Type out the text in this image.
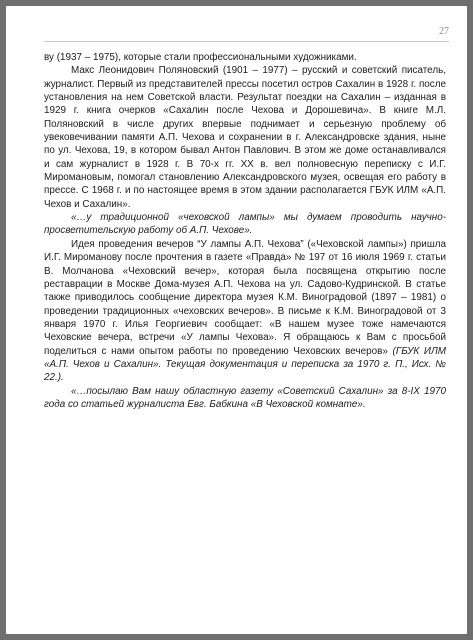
27

ву (1937 – 1975), которые стали профессиональными художниками.

Макс Леонидович Поляновский (1901 – 1977) – русский и советский писатель, журналист. Первый из представителей прессы посетил остров Сахалин в 1928 г. после установления на нем Советской власти. Результат поездки на Сахалин – изданная в 1929 г. книга очерков «Сахалин после Чехова и Дорошевича». В книге М.Л. Поляновский в числе других впервые поднимает и серьезную проблему об увековечивании памяти А.П. Чехова и сохранении в г. Александровске здания, ныне по ул. Чехова, 19, в котором бывал Антон Павлович. В этом же доме останавливался и сам журналист в 1928 г. В 70-х гг. XX в. вел полновесную переписку с И.Г. Миромановым, помогал становлению Александровского музея, освещая его работу в прессе. С 1968 г. и по настоящее время в этом здании располагается ГБУК ИЛМ «А.П. Чехов и Сахалин».

«…у традиционной «чеховской лампы» мы думаем проводить научно-просветительскую работу об А.П. Чехове».

Идея проведения вечеров “У лампы А.П. Чехова” («Чеховской лампы») пришла И.Г. Мироманову после прочтения в газете «Правда» № 197 от 16 июля 1969 г. статьи В. Молчанова «Чеховский вечер», которая была посвящена открытию после реставрации в Москве Дома-музея А.П. Чехова на ул. Садово-Кудринской. В статье также приводилось сообщение директора музея К.М. Виноградовой (1897 – 1981) о проведении традиционных «чеховских вечеров». В письме к К.М. Виноградовой от 3 января 1970 г. Илья Георгиевич сообщает: «В нашем музее тоже намечаются Чеховские вечера, встречи «У лампы Чехова». Я обращаюсь к Вам с просьбой поделиться с нами опытом работы по проведению Чеховских вечеров» (ГБУК ИЛМ «А.П. Чехов и Сахалин». Текущая документация и переписка за 1970 г. П., Исх. № 22.).

«…посылаю Вам нашу областную газету «Советский Сахалин» за 8-IX 1970 года со статьей журналиста Евг. Бабкина «В Чеховской комнате».
